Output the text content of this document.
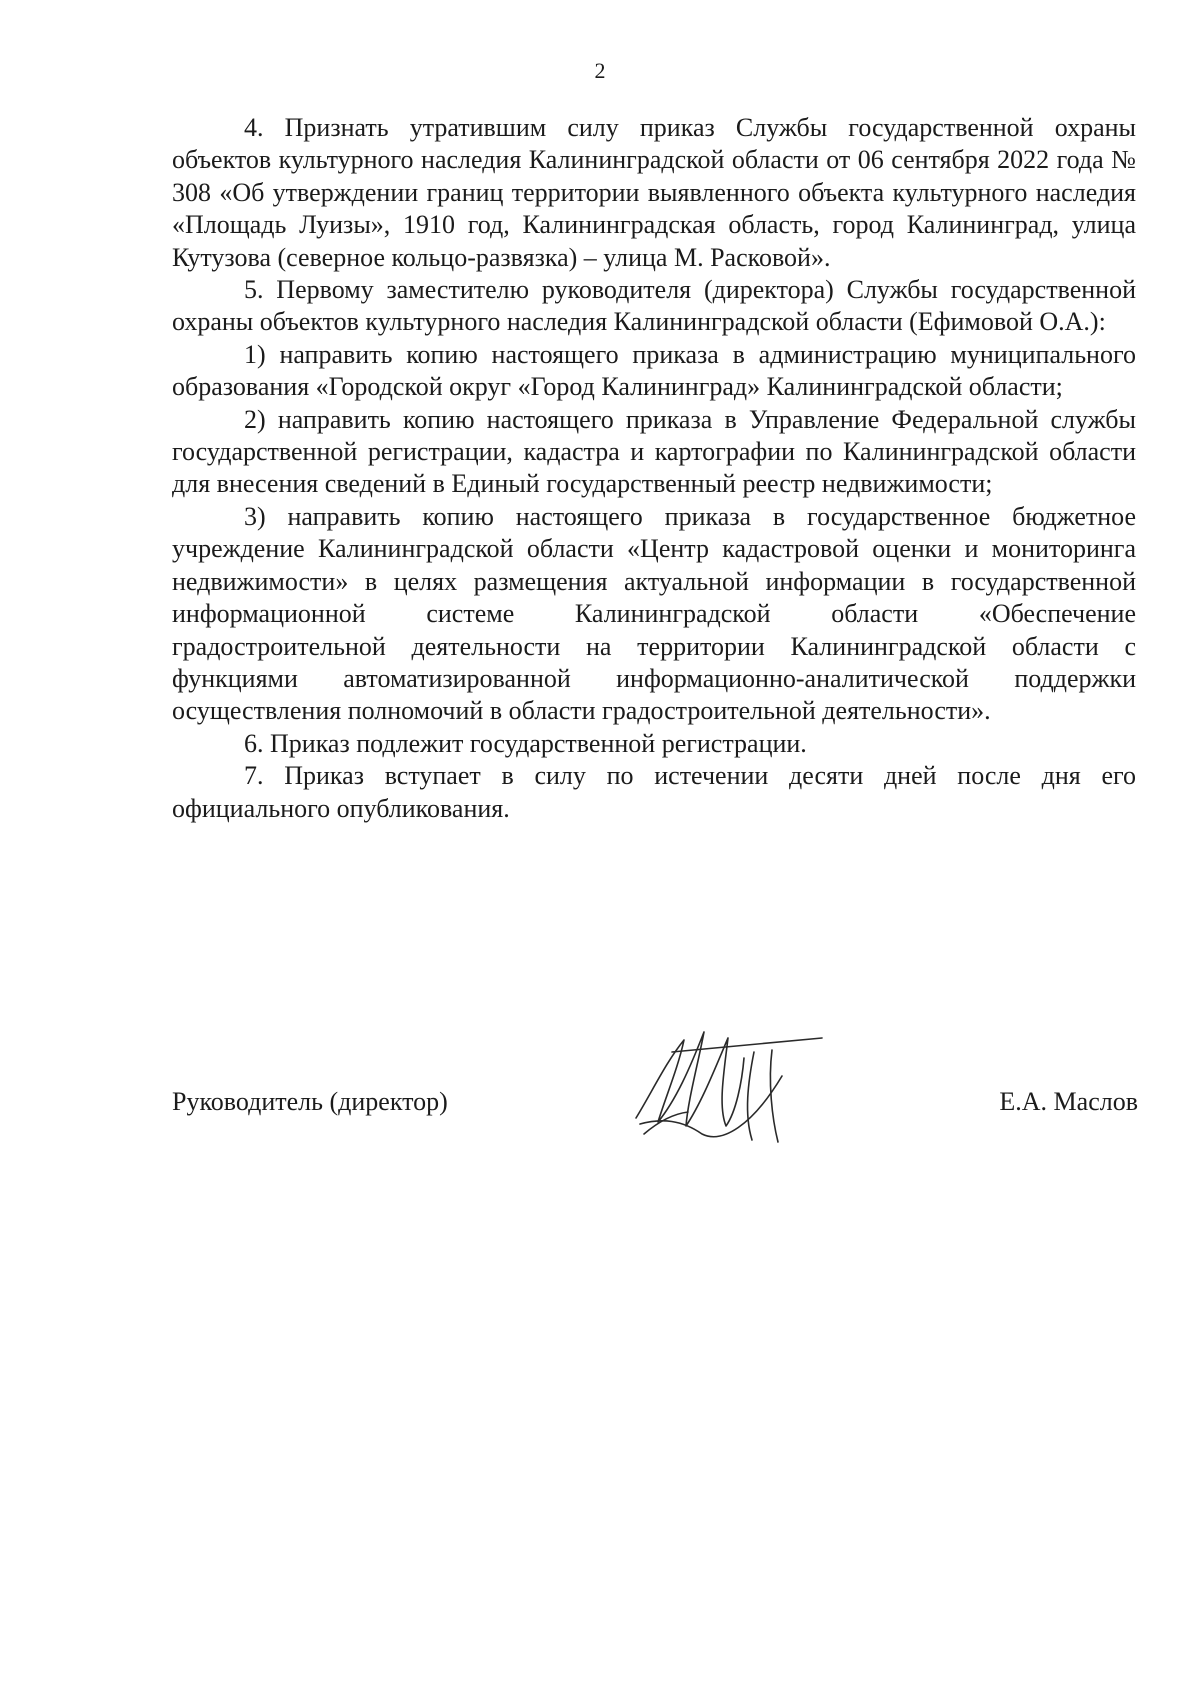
2

4. Признать утратившим силу приказ Службы государственной охраны объектов культурного наследия Калининградской области от 06 сентября 2022 года № 308 «Об утверждении границ территории выявленного объекта культурного наследия «Площадь Луизы», 1910 год, Калининградская область, город Калининград, улица Кутузова (северное кольцо-развязка) – улица М. Расковой».

5. Первому заместителю руководителя (директора) Службы государственной охраны объектов культурного наследия Калининградской области (Ефимовой О.А.):

1) направить копию настоящего приказа в администрацию муниципального образования «Городской округ «Город Калининград» Калининградской области;

2) направить копию настоящего приказа в Управление Федеральной службы государственной регистрации, кадастра и картографии по Калининградской области для внесения сведений в Единый государственный реестр недвижимости;

3) направить копию настоящего приказа в государственное бюджетное учреждение Калининградской области «Центр кадастровой оценки и мониторинга недвижимости» в целях размещения актуальной информации в государственной информационной системе Калининградской области «Обеспечение градостроительной деятельности на территории Калининградской области с функциями автоматизированной информационно-аналитической поддержки осуществления полномочий в области градостроительной деятельности».

6. Приказ подлежит государственной регистрации.

7. Приказ вступает в силу по истечении десяти дней после дня его официального опубликования.

Руководитель (директор)	Е.А. Маслов
